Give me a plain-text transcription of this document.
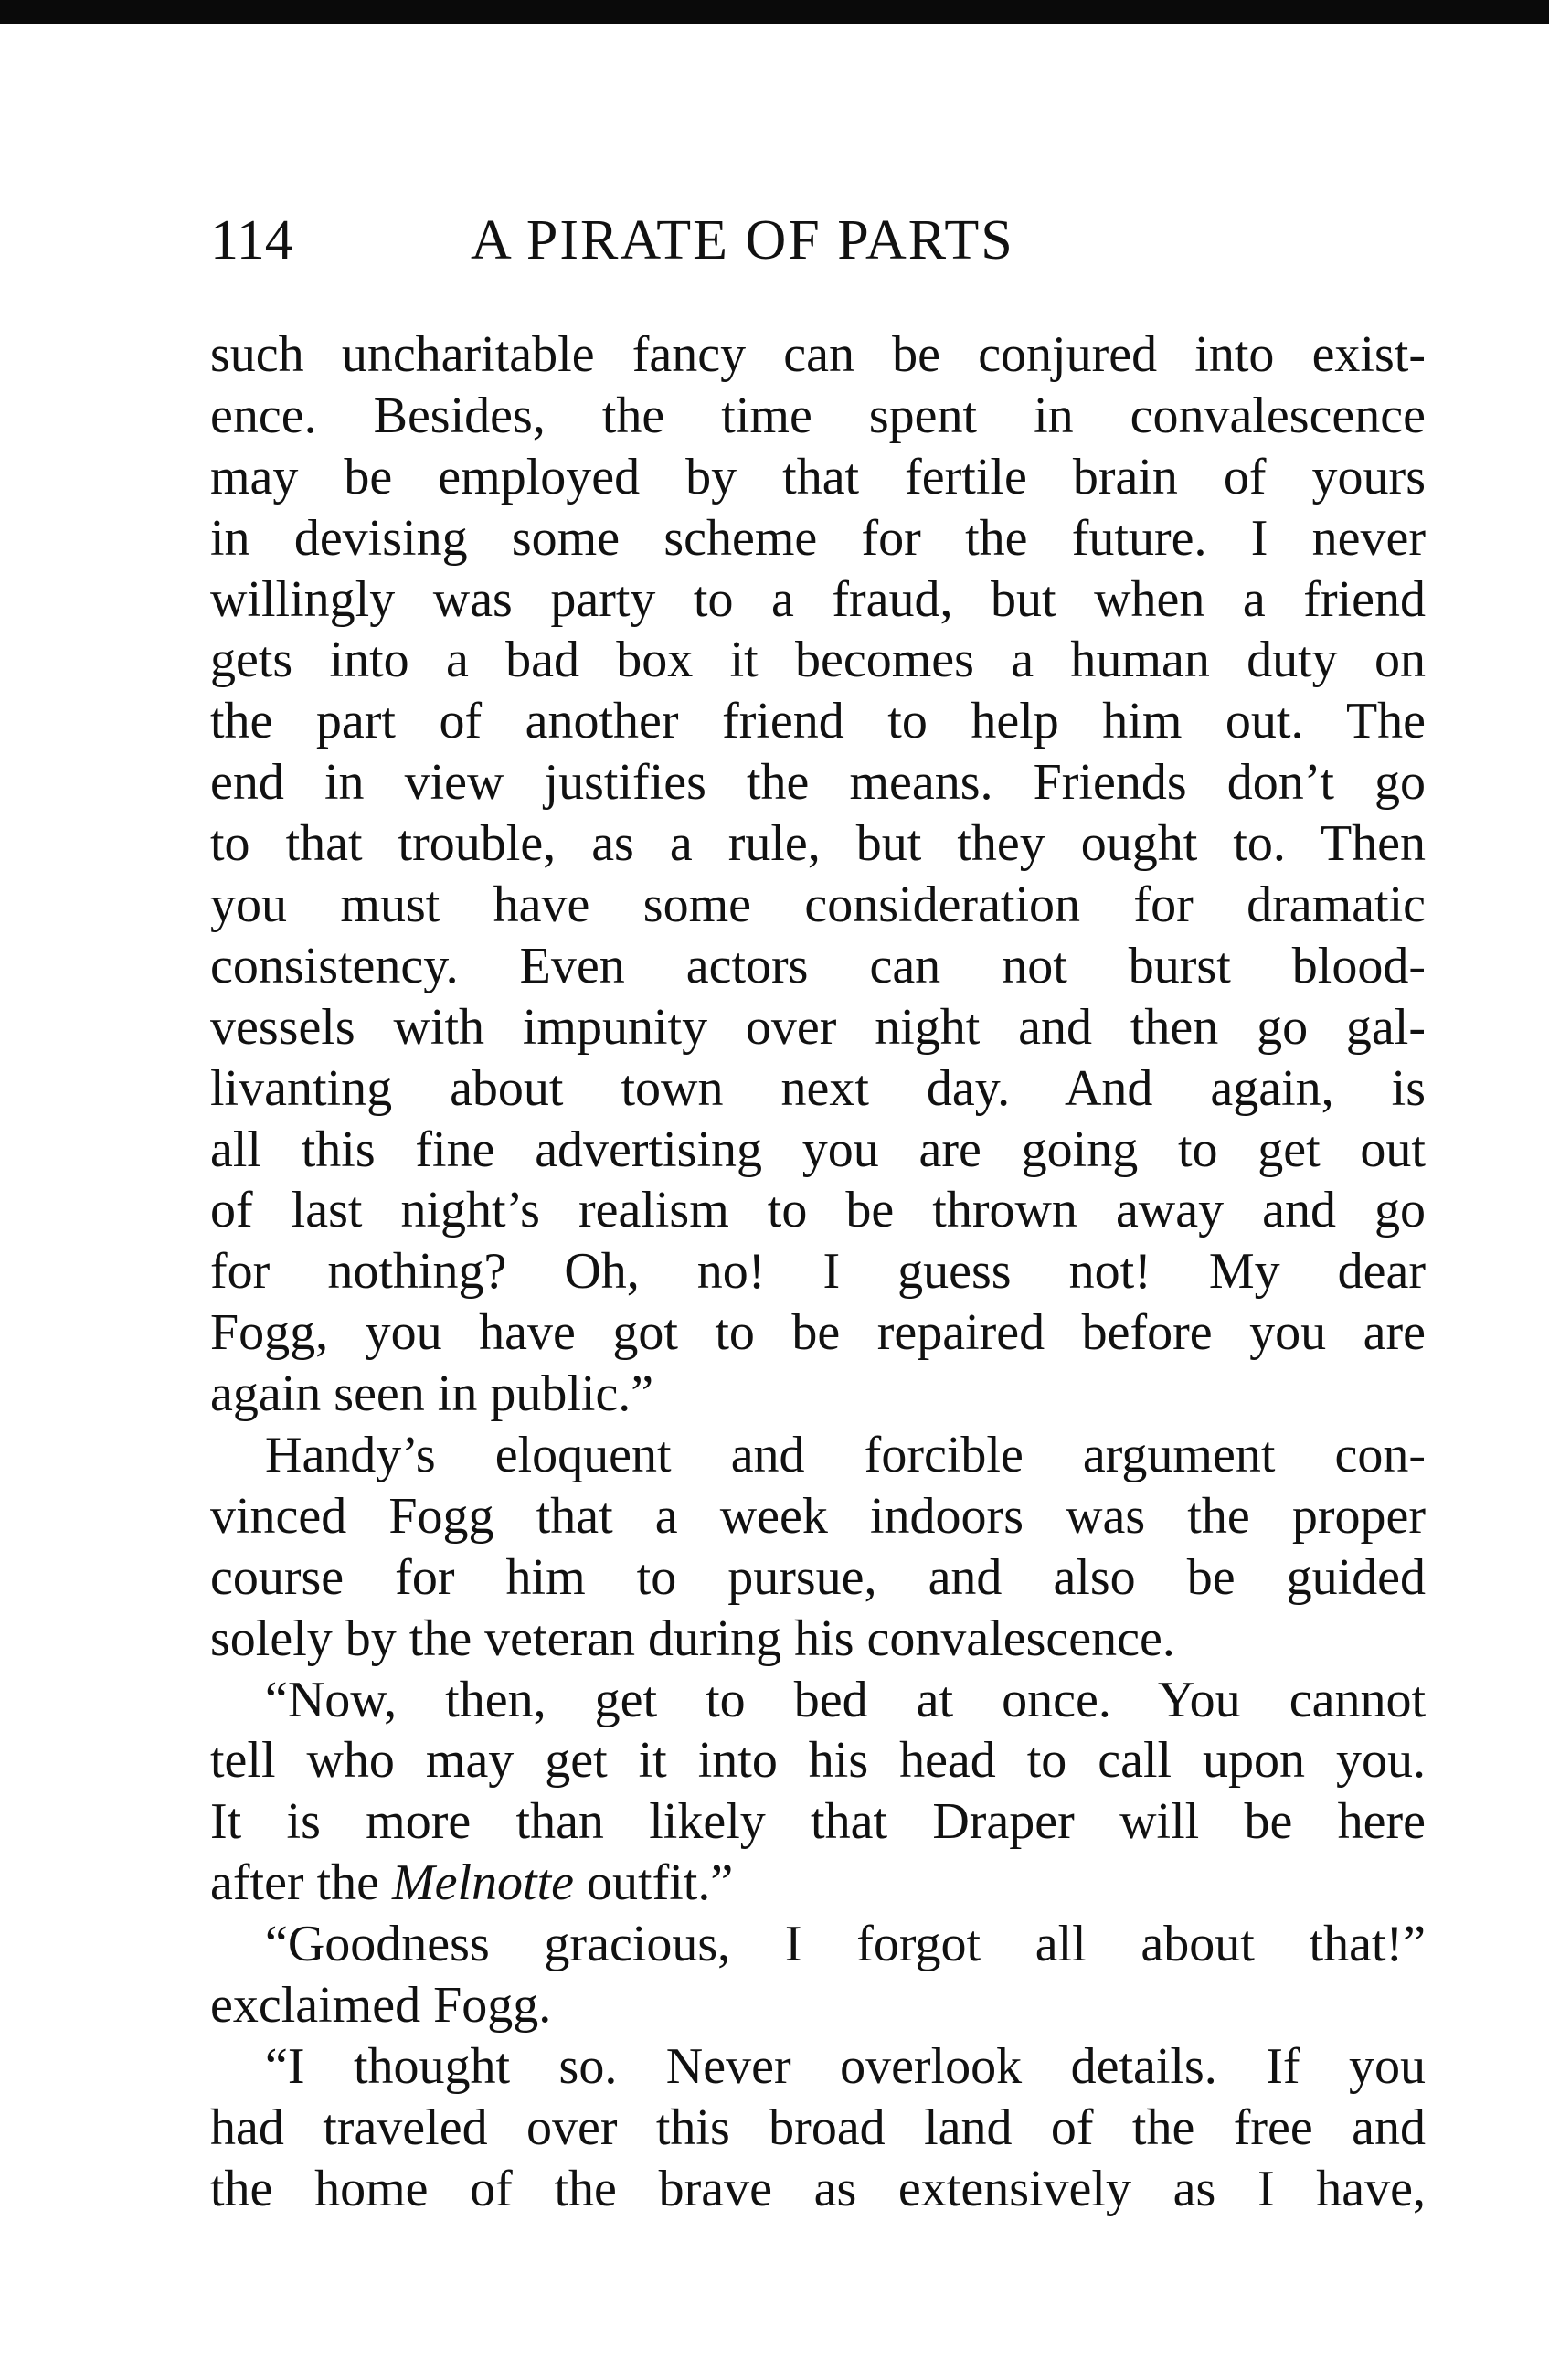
114	A PIRATE OF PARTS
such uncharitable fancy can be conjured into exist-
ence. Besides, the time spent in convalescence
may be employed by that fertile brain of yours
in devising some scheme for the future. I never
willingly was party to a fraud, but when a friend
gets into a bad box it becomes a human duty on
the part of another friend to help him out. The
end in view justifies the means. Friends don’t go
to that trouble, as a rule, but they ought to. Then
you must have some consideration for dramatic
consistency. Even actors can not burst blood-
vessels with impunity over night and then go gal-
livanting about town next day. And again, is
all this fine advertising you are going to get out
of last night’s realism to be thrown away and go
for nothing? Oh, no! I guess not! My dear
Fogg, you have got to be repaired before you are
again seen in public.”
Handy’s eloquent and forcible argument con-
vinced Fogg that a week indoors was the proper
course for him to pursue, and also be guided
solely by the veteran during his convalescence.
“Now, then, get to bed at once. You cannot
tell who may get it into his head to call upon you.
It is more than likely that Draper will be here
after the Melnotte outfit.”
“Goodness gracious, I forgot all about that!”
exclaimed Fogg.
“I thought so. Never overlook details. If you
had traveled over this broad land of the free and
the home of the brave as extensively as I have,
